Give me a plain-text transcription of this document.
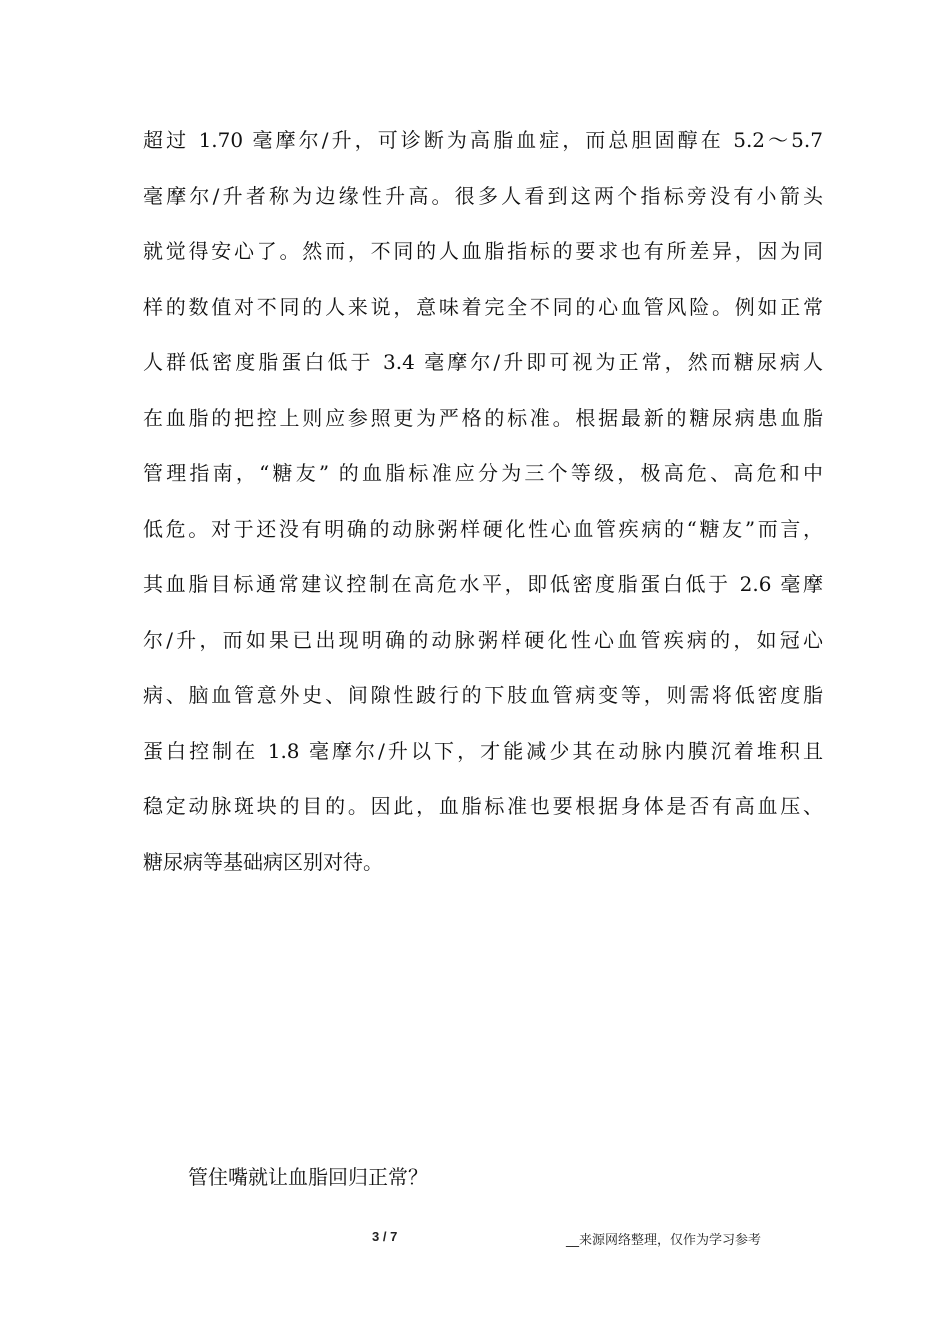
超过 1.70 毫摩尔/升，可诊断为高脂血症，而总胆固醇在 5.2～5.7
毫摩尔/升者称为边缘性升高。很多人看到这两个指标旁没有小箭头
就觉得安心了。然而，不同的人血脂指标的要求也有所差异，因为同
样的数值对不同的人来说，意味着完全不同的心血管风险。例如正常
人群低密度脂蛋白低于 3.4 毫摩尔/升即可视为正常，然而糖尿病人
在血脂的把控上则应参照更为严格的标准。根据最新的糖尿病患血脂
管理指南，“糖友” 的血脂标准应分为三个等级，极高危、高危和中
低危。对于还没有明确的动脉粥样硬化性心血管疾病的“糖友”而言，
其血脂目标通常建议控制在高危水平，即低密度脂蛋白低于 2.6 毫摩
尔/升，而如果已出现明确的动脉粥样硬化性心血管疾病的，如冠心
病、脑血管意外史、间隙性跛行的下肢血管病变等，则需将低密度脂
蛋白控制在 1.8 毫摩尔/升以下，才能减少其在动脉内膜沉着堆积且
稳定动脉斑块的目的。因此，血脂标准也要根据身体是否有高血压、
糖尿病等基础病区别对待。
管住嘴就让血脂回归正常？
3 / 7	__来源网络整理，仅作为学习参考
